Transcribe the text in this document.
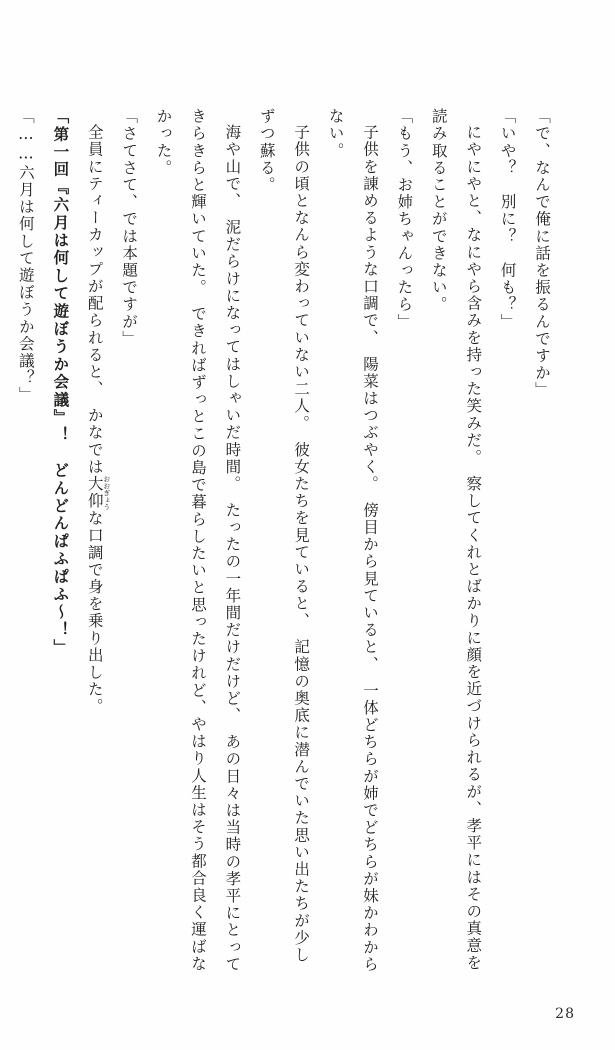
「で、なんで俺に話を振るんですか」

「いや？　別に？　何も？」

にやにやと、なにやら含みを持った笑みだ。　察してくれとばかりに顔を近づけられるが、孝平にはその真意を読み取ることができない。

「もう、お姉ちゃんったら」

子供を諌めるような口調で、　陽菜はつぶやく。　傍目から見ていると、　一体どちらが姉でどちらが妹かわからない。

子供の頃となんら変わっていない二人。　彼女たちを見ていると、　記憶の奥底に潜んでいた思い出たちが少しずつ蘇る。

海や山で、　泥だらけになってはしゃいだ時間。　たったの一年間だけだけど、　あの日々は当時の孝平にとってきらきらと輝いていた。　できればずっとこの島で暮らしたいと思ったけれど、やはり人生はそう都合良く運ばなかった。

「さてさて、では本題ですが」

全員にティーカップが配られると、　かなでは大仰 おおぎょうな口調で身を乗り出した。

「第一回『六月は何して遊ぼうか会議』！　どんどんぱふぱふ～！」

「……六月は何して遊ぼうか会議？」

28
